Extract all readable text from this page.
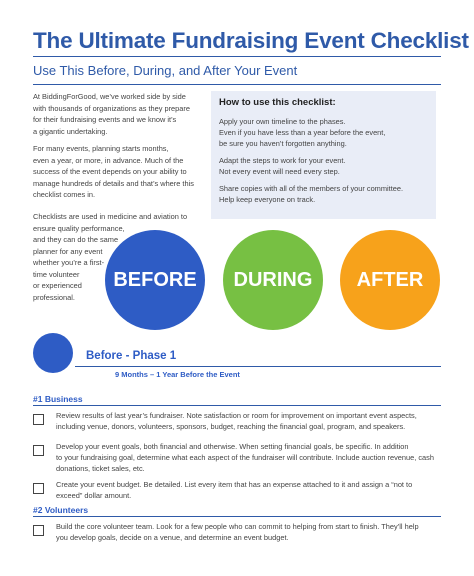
The Ultimate Fundraising Event Checklist
Use This Before, During, and After Your Event
At BiddingForGood, we’ve worked side by side
with thousands of organizations as they prepare
for their fundraising events and we know it’s
a gigantic undertaking.
For many events, planning starts months,
even a year, or more, in advance. Much of the
success of the event depends on your ability to
manage hundreds of details and that’s where this
checklist comes in.
Checklists are used in medicine and aviation to
ensure quality performance,
and they can do the same
planner for any event
whether you’re a first-
time volunteer
or experienced
professional.
How to use this checklist:
Apply your own timeline to the phases.
Even if you have less than a year before the event,
be sure you haven’t forgotten anything.
Adapt the steps to work for your event.
Not every event will need every step.
Share copies with all of the members of your committee.
Help keep everyone on track.
BEFORE DURING AFTER
Before - Phase 1
9 Months – 1 Year Before the Event
#1 Business
Review results of last year’s fundraiser. Note satisfaction or room for improvement on important event aspects,
including venue, donors, volunteers, sponsors, budget, reaching the financial goal, program, and speakers.
Develop your event goals, both financial and otherwise. When setting financial goals, be specific. In addition
to your fundraising goal, determine what each aspect of the fundraiser will contribute. Include auction revenue, cash
donations, ticket sales, etc.
Create your event budget. Be detailed. List every item that has an expense attached to it and assign a “not to
exceed” dollar amount.
#2 Volunteers
Build the core volunteer team. Look for a few people who can commit to helping from start to finish. They’ll help
you develop goals, decide on a venue, and determine an event budget.
